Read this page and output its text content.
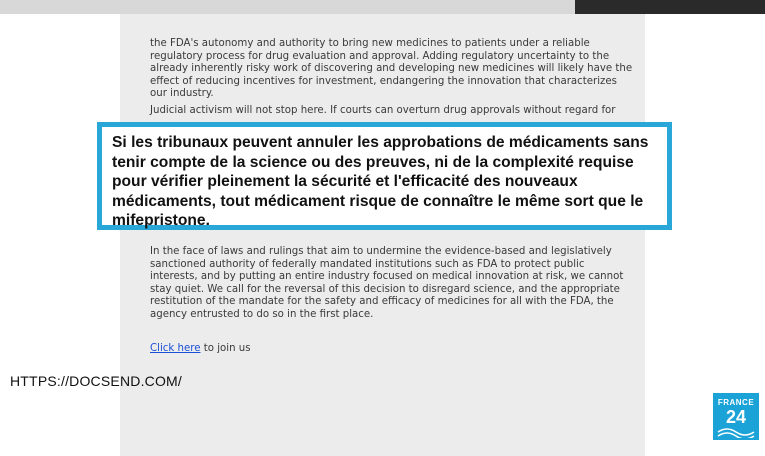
the FDA's autonomy and authority to bring new medicines to patients under a reliable regulatory process for drug evaluation and approval. Adding regulatory uncertainty to the already inherently risky work of discovering and developing new medicines will likely have the effect of reducing incentives for investment, endangering the innovation that characterizes our industry.
Judicial activism will not stop here. If courts can overturn drug approvals without regard for
In the face of laws and rulings that aim to undermine the evidence-based and legislatively sanctioned authority of federally mandated institutions such as FDA to protect public interests, and by putting an entire industry focused on medical innovation at risk, we cannot stay quiet. We call for the reversal of this decision to disregard science, and the appropriate restitution of the mandate for the safety and efficacy of medicines for all with the FDA, the agency entrusted to do so in the first place.
Click here to join us
Si les tribunaux peuvent annuler les approbations de médicaments sans tenir compte de la science ou des preuves, ni de la complexité requise pour vérifier pleinement la sécurité et l'efficacité des nouveaux médicaments, tout médicament risque de connaître le même sort que le mifepristone.
HTTPS://DOCSEND.COM/
FRANCE
24
